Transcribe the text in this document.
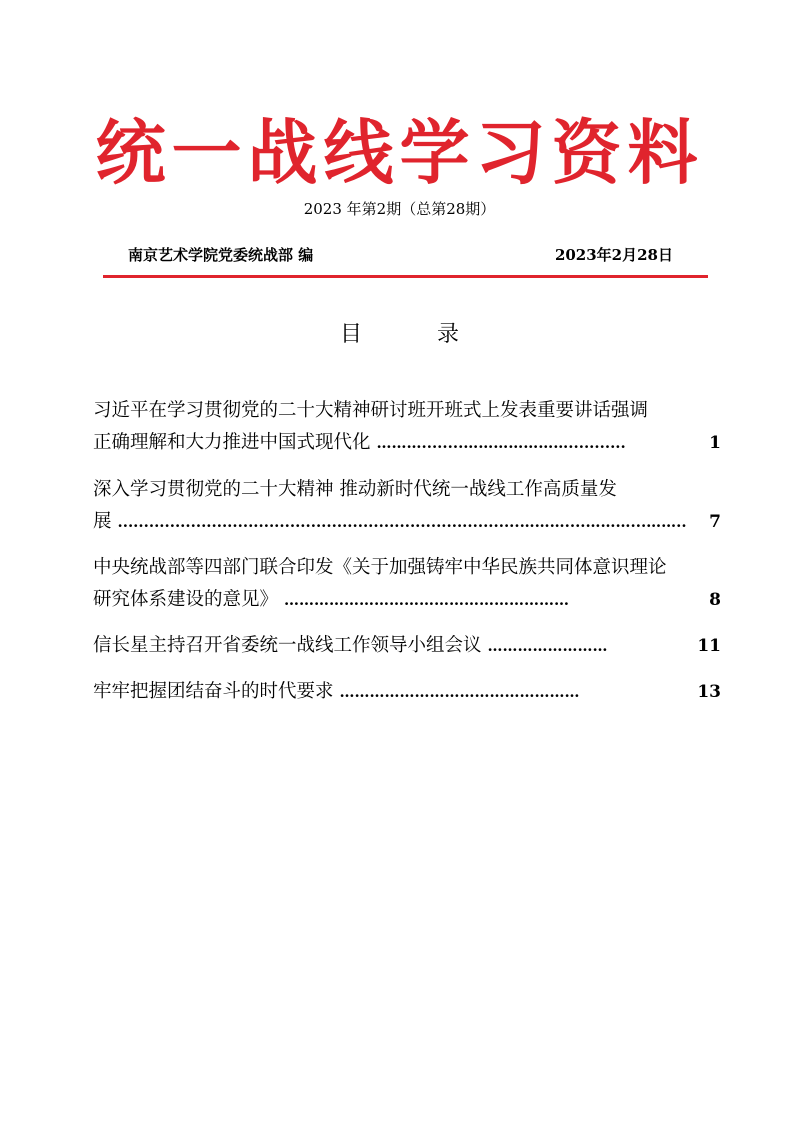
统一战线学习资料
2023 年第2期（总第28期）
南京艺术学院党委统战部 编	2023年2月28日
目 录
习近平在学习贯彻党的二十大精神研讨班开班式上发表重要讲话强调
正确理解和大力推进中国式现代化 ………........…………………...........	1
深入学习贯彻党的二十大精神 推动新时代统一战线工作高质量发
展 .............................................................................………....………...……..	7
中央统战部等四部门联合印发《关于加强铸牢中华民族共同体意识理论
研究体系建设的意见》 …………………………………………………	8
信长星主持召开省委统一战线工作领导小组会议 ……………………	11
牢牢把握团结奋斗的时代要求 …………………………………………	13
